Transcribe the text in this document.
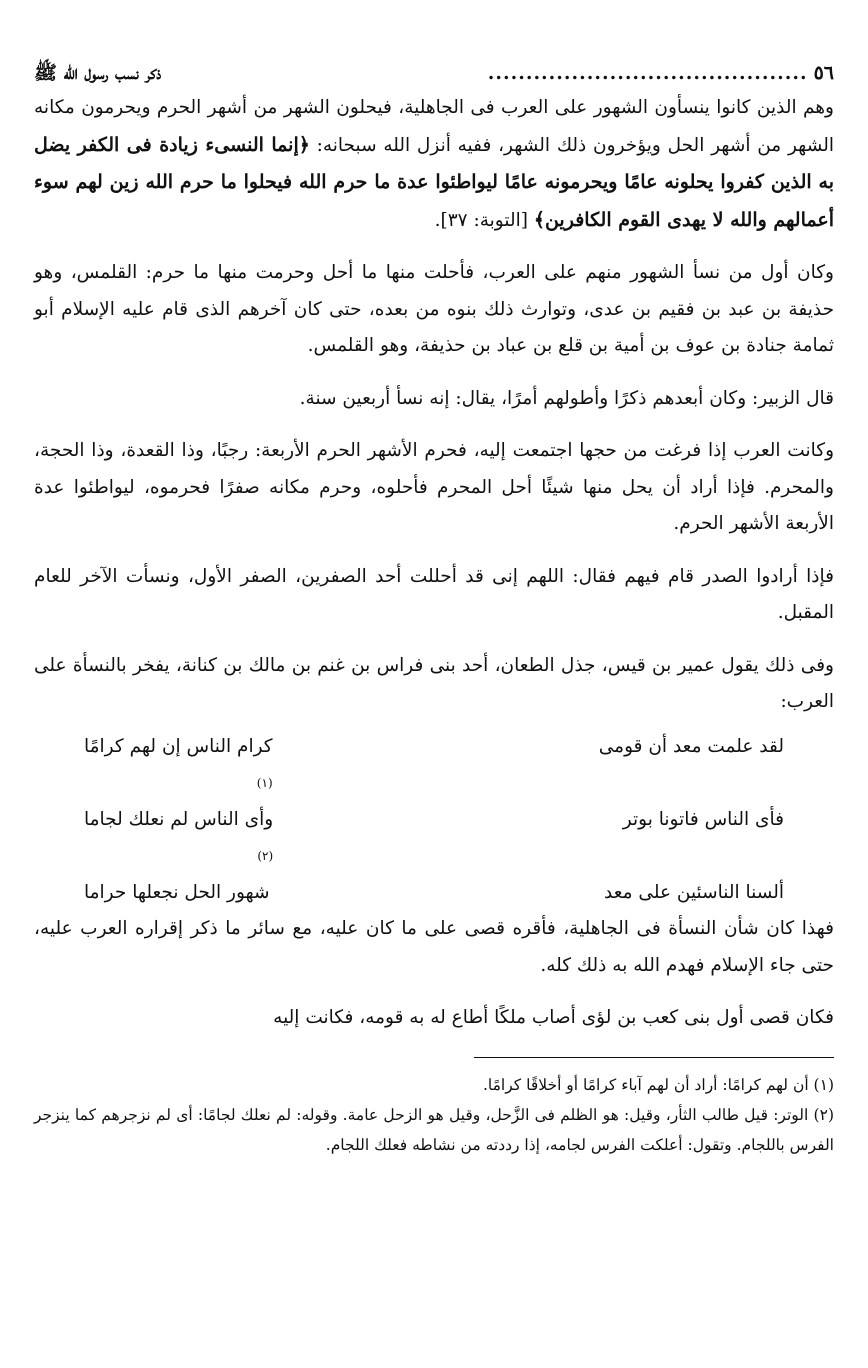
٥٦
..........................................
ذكر نسب رسول الله ﷺ

وهم الذين كانوا ينسأون الشهور على العرب فى الجاهلية، فيحلون الشهر من أشهر الحرم ويحرمون مكانه الشهر من أشهر الحل ويؤخرون ذلك الشهر، ففيه أنزل الله سبحانه: ﴿إنما النسىء زيادة فى الكفر يضل به الذين كفروا يحلونه عامًا ويحرمونه عامًا ليواطئوا عدة ما حرم الله فيحلوا ما حرم الله زين لهم سوء أعمالهم والله لا يهدى القوم الكافرين﴾ [التوبة: ٣٧].

وكان أول من نسأ الشهور منهم على العرب، فأحلت منها ما أحل وحرمت منها ما حرم: القلمس، وهو حذيفة بن عبد بن فقيم بن عدى، وتوارث ذلك بنوه من بعده، حتى كان آخرهم الذى قام عليه الإسلام أبو ثمامة جنادة بن عوف بن أمية بن قلع بن عباد بن حذيفة، وهو القلمس.

قال الزبير: وكان أبعدهم ذكرًا وأطولهم أمرًا، يقال: إنه نسأ أربعين سنة.

وكانت العرب إذا فرغت من حجها اجتمعت إليه، فحرم الأشهر الحرم الأربعة: رجبًا، وذا القعدة، وذا الحجة، والمحرم. فإذا أراد أن يحل منها شيئًا أحل المحرم فأحلوه، وحرم مكانه صفرًا فحرموه، ليواطئوا عدة الأربعة الأشهر الحرم.

فإذا أرادوا الصدر قام فيهم فقال: اللهم إنى قد أحللت أحد الصفرين، الصفر الأول، ونسأت الآخر للعام المقبل.

وفى ذلك يقول عمير بن قيس، جذل الطعان، أحد بنى فراس بن غنم بن مالك بن كنانة، يفخر بالنسأة على العرب:

لقد علمت معد أن قومى
كرام الناس إن لهم كرامًا
(١)
فأى الناس فاتونا بوتر
وأى الناس لم نعلك لجاما
(٢)
ألسنا الناسئين على معد
شهور الحل نجعلها حراما

فهذا كان شأن النسأة فى الجاهلية، فأقره قصى على ما كان عليه، مع سائر ما ذكر إقراره العرب عليه، حتى جاء الإسلام فهدم الله به ذلك كله.

فكان قصى أول بنى كعب بن لؤى أصاب ملكًا أطاع له به قومه، فكانت إليه

(١) أن لهم كرامًا: أراد أن لهم آباء كرامًا أو أخلاقًا كرامًا.

(٢) الوتر: قيل طالب الثأر، وقيل: هو الظلم فى الزَّحل، وقيل هو الزحل عامة. وقوله: لم نعلك لجامًا: أى لم نزجرهم كما ينزجر الفرس باللجام. وتقول: أعلكت الفرس لجامه، إذا رددته من نشاطه فعلك اللجام.
